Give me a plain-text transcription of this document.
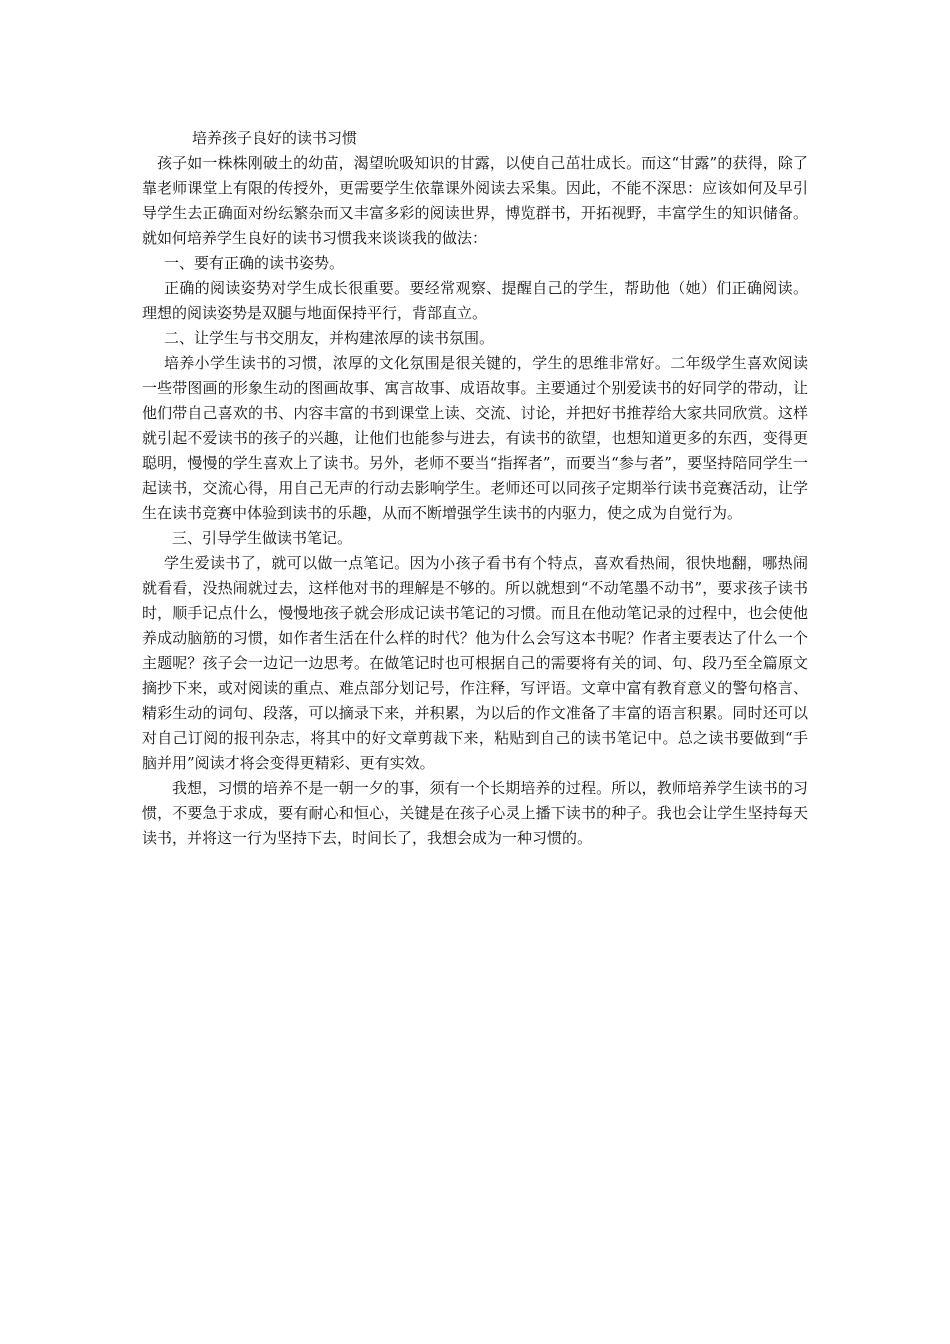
培养孩子良好的读书习惯

孩子如一株株刚破土的幼苗，渴望吮吸知识的甘露，以使自己茁壮成长。而这“甘露”的获得，除了靠老师课堂上有限的传授外，更需要学生依靠课外阅读去采集。因此，不能不深思：应该如何及早引导学生去正确面对纷纭繁杂而又丰富多彩的阅读世界，博览群书，开拓视野，丰富学生的知识储备。就如何培养学生良好的读书习惯我来谈谈我的做法：

一、要有正确的读书姿势。

正确的阅读姿势对学生成长很重要。要经常观察、提醒自己的学生，帮助他（她）们正确阅读。理想的阅读姿势是双腿与地面保持平行，背部直立。

二、让学生与书交朋友，并构建浓厚的读书氛围。

培养小学生读书的习惯，浓厚的文化氛围是很关键的，学生的思维非常好。二年级学生喜欢阅读一些带图画的形象生动的图画故事、寓言故事、成语故事。主要通过个别爱读书的好同学的带动，让他们带自己喜欢的书、内容丰富的书到课堂上读、交流、讨论，并把好书推荐给大家共同欣赏。这样就引起不爱读书的孩子的兴趣，让他们也能参与进去，有读书的欲望，也想知道更多的东西，变得更聪明，慢慢的学生喜欢上了读书。另外，老师不要当“指挥者”，而要当“参与者”，要坚持陪同学生一起读书，交流心得，用自己无声的行动去影响学生。老师还可以同孩子定期举行读书竞赛活动，让学生在读书竞赛中体验到读书的乐趣，从而不断增强学生读书的内驱力，使之成为自觉行为。

三、引导学生做读书笔记。

学生爱读书了，就可以做一点笔记。因为小孩子看书有个特点，喜欢看热闹，很快地翻，哪热闹就看看，没热闹就过去，这样他对书的理解是不够的。所以就想到“不动笔墨不动书”，要求孩子读书时，顺手记点什么，慢慢地孩子就会形成记读书笔记的习惯。而且在他动笔记录的过程中，也会使他养成动脑筋的习惯，如作者生活在什么样的时代？他为什么会写这本书呢？作者主要表达了什么一个主题呢？孩子会一边记一边思考。在做笔记时也可根据自己的需要将有关的词、句、段乃至全篇原文摘抄下来，或对阅读的重点、难点部分划记号，作注释，写评语。文章中富有教育意义的警句格言、精彩生动的词句、段落，可以摘录下来，并积累，为以后的作文准备了丰富的语言积累。同时还可以对自己订阅的报刊杂志，将其中的好文章剪裁下来，粘贴到自己的读书笔记中。总之读书要做到“手脑并用”阅读才将会变得更精彩、更有实效。

我想，习惯的培养不是一朝一夕的事，须有一个长期培养的过程。所以，教师培养学生读书的习惯，不要急于求成，要有耐心和恒心，关键是在孩子心灵上播下读书的种子。我也会让学生坚持每天读书，并将这一行为坚持下去，时间长了，我想会成为一种习惯的。
